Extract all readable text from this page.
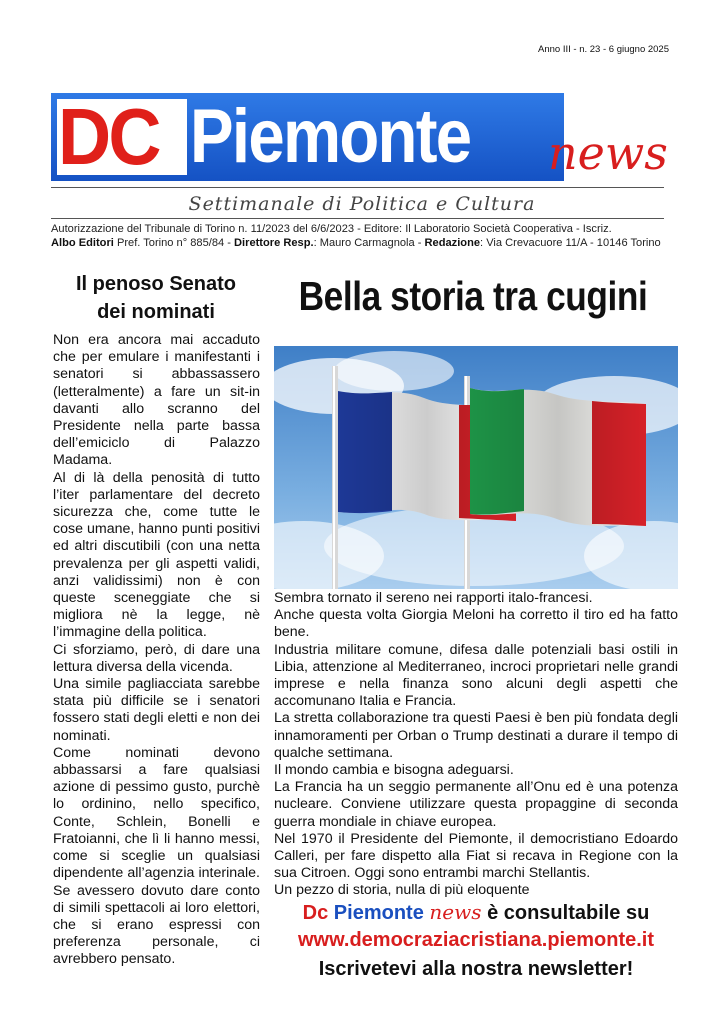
Anno III - n. 23 - 6 giugno 2025
DC Piemonte news
Settimanale di Politica e Cultura
Autorizzazione del Tribunale di Torino n. 11/2023 del 6/6/2023 - Editore: Il Laboratorio Società Cooperativa - Iscriz.
Albo Editori Pref. Torino n° 885/84 - Direttore Resp.: Mauro Carmagnola - Redazione: Via Crevacuore 11/A - 10146 Torino
Il penoso Senato
dei nominati

Non era ancora mai accaduto che per emulare i manifestanti i senatori si abbassassero (letteralmente) a fare un sit-in davanti allo scranno del Presidente nella parte bassa dell’emiciclo di Palazzo Madama.

Al di là della penosità di tutto l’iter parlamentare del decreto sicurezza che, come tutte le cose umane, hanno punti positivi ed altri discutibili (con una netta prevalenza per gli aspetti validi, anzi validissimi) non è con queste sceneggiate che si migliora nè la legge, nè l’immagine della politica.

Ci sforziamo, però, di dare una lettura diversa della vicenda.

Una simile pagliacciata sarebbe stata più difficile se i senatori fossero stati degli eletti e non dei nominati.

Come nominati devono abbassarsi a fare qualsiasi azione di pessimo gusto, purchè lo ordinino, nello specifico, Conte, Schlein, Bonelli e Fratoianni, che lì li hanno messi, come si sceglie un qualsiasi dipendente all’agenzia interinale. Se avessero dovuto dare conto di simili spettacoli ai loro elettori, che si erano espressi con preferenza personale, ci avrebbero pensato.

Bella storia tra cugini

Sembra tornato il sereno nei rapporti italo-francesi.

Anche questa volta Giorgia Meloni ha corretto il tiro ed ha fatto bene.

Industria militare comune, difesa dalle potenziali basi ostili in Libia, attenzione al Mediterraneo, incroci proprietari nelle grandi imprese e nella finanza sono alcuni degli aspetti che accomunano Italia e Francia.

La stretta collaborazione tra questi Paesi è ben più fondata degli innamoramenti per Orban o Trump destinati a durare il tempo di qualche settimana.

Il mondo cambia e bisogna adeguarsi.

La Francia ha un seggio permanente all’Onu ed è una potenza nucleare. Conviene utilizzare questa propaggine di seconda guerra mondiale in chiave europea.

Nel 1970 il Presidente del Piemonte, il democristiano Edoardo Calleri, per fare dispetto alla Fiat si recava in Regione con la sua Citroen. Oggi sono entrambi marchi Stellantis.

Un pezzo di storia, nulla di più eloquente

Dc Piemonte news è consultabile su
www.democraziacristiana.piemonte.it
Iscrivetevi alla nostra newsletter!
